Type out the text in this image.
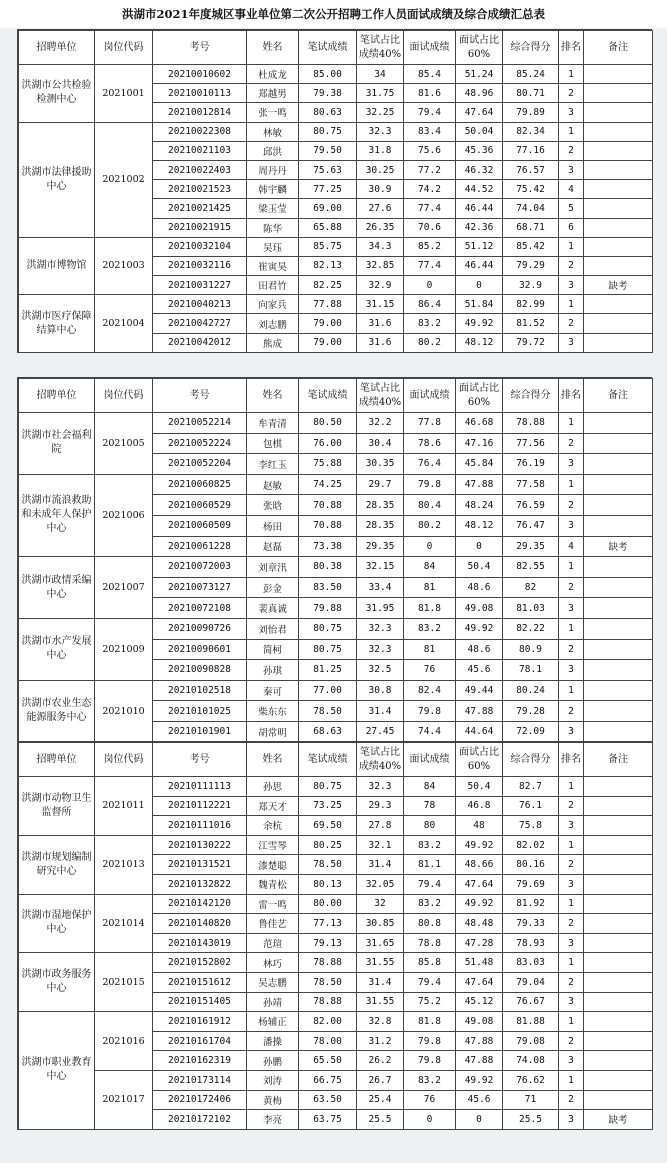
洪湖市2021年度城区事业单位第二次公开招聘工作人员面试成绩及综合成绩汇总表
招聘单位	岗位代码	考号	姓名	笔试成绩	笔试占比成绩40%	面试成绩	面试占比60%	综合得分	排名	备注
洪湖市公共检验检测中心	2021001	20210010602	杜成龙	85.00	34	85.4	51.24	85.24	1	
		20210010113	郑越男	79.38	31.75	81.6	48.96	80.71	2	
		20210012814	张一鸣	80.63	32.25	79.4	47.64	79.89	3	
洪湖市法律援助中心	2021002	20210022308	林敏	80.75	32.3	83.4	50.04	82.34	1	
		20210021103	邱洪	79.50	31.8	75.6	45.36	77.16	2	
		20210022403	周丹丹	75.63	30.25	77.2	46.32	76.57	3	
		20210021523	韩宇麟	77.25	30.9	74.2	44.52	75.42	4	
		20210021425	梁玉莹	69.00	27.6	77.4	46.44	74.04	5	
		20210021915	陈华	65.88	26.35	70.6	42.36	68.71	6	
洪湖市博物馆	2021003	20210032104	吴珏	85.75	34.3	85.2	51.12	85.42	1	
		20210032116	崔寅昊	82.13	32.85	77.4	46.44	79.29	2	
		20210031227	田君竹	82.25	32.9	0	0	32.9	3	缺考
洪湖市医疗保障结算中心	2021004	20210040213	向家兵	77.88	31.15	86.4	51.84	82.99	1	
		20210042727	刘志鹏	79.00	31.6	83.2	49.92	81.52	2	
		20210042012	熊成	79.00	31.6	80.2	48.12	79.72	3	
招聘单位	岗位代码	考号	姓名	笔试成绩	笔试占比成绩40%	面试成绩	面试占比60%	综合得分	排名	备注
洪湖市社会福利院	2021005	20210052214	牟青清	80.50	32.2	77.8	46.68	78.88	1	
		20210052224	包棋	76.00	30.4	78.6	47.16	77.56	2	
		20210052204	李红玉	75.88	30.35	76.4	45.84	76.19	3	
洪湖市流浪救助和未成年人保护中心	2021006	20210060825	赵敏	74.25	29.7	79.8	47.88	77.58	1	
		20210060529	张晗	70.88	28.35	80.4	48.24	76.59	2	
		20210060509	杨田	70.88	28.35	80.2	48.12	76.47	3	
		20210061228	赵磊	73.38	29.35	0	0	29.35	4	缺考
洪湖市政情采编中心	2021007	20210072003	刘章汛	80.38	32.15	84	50.4	82.55	1	
		20210073127	彭金	83.50	33.4	81	48.6	82	2	
		20210072108	裴真诚	79.88	31.95	81.8	49.08	81.03	3	
洪湖市水产发展中心	2021009	20210090726	刘怡君	80.75	32.3	83.2	49.92	82.22	1	
		20210090601	简柯	80.75	32.3	81	48.6	80.9	2	
		20210090828	孙琪	81.25	32.5	76	45.6	78.1	3	
洪湖市农业生态能源服务中心	2021010	20210102518	秦可	77.00	30.8	82.4	49.44	80.24	1	
		20210101025	柴东东	78.50	31.4	79.8	47.88	79.28	2	
		20210101901	胡常明	68.63	27.45	74.4	44.64	72.09	3	
招聘单位	岗位代码	考号	姓名	笔试成绩	笔试占比成绩40%	面试成绩	面试占比60%	综合得分	排名	备注
洪湖市动物卫生监督所	2021011	20210111113	孙思	80.75	32.3	84	50.4	82.7	1	
		20210112221	郑天才	73.25	29.3	78	46.8	76.1	2	
		20210111016	余杭	69.50	27.8	80	48	75.8	3	
洪湖市规划编制研究中心	2021013	20210130222	江雪琴	80.25	32.1	83.2	49.92	82.02	1	
		20210131521	漆楚聪	78.50	31.4	81.1	48.66	80.16	2	
		20210132822	魏青松	80.13	32.05	79.4	47.64	79.69	3	
洪湖市湿地保护中心	2021014	20210142120	雷一鸣	80.00	32	83.2	49.92	81.92	1	
		20210140820	鲁佳艺	77.13	30.85	80.8	48.48	79.33	2	
		20210143019	范瑄	79.13	31.65	78.8	47.28	78.93	3	
洪湖市政务服务中心	2021015	20210152802	林巧	78.88	31.55	85.8	51.48	83.03	1	
		20210151612	吴志鹏	78.50	31.4	79.4	47.64	79.04	2	
		20210151405	孙靖	78.88	31.55	75.2	45.12	76.67	3	
洪湖市职业教育中心	2021016	20210161912	杨辅正	82.00	32.8	81.8	49.08	81.88	1	
		20210161704	潘操	78.00	31.2	79.8	47.88	79.08	2	
		20210162319	孙鹏	65.50	26.2	79.8	47.88	74.08	3	
	2021017	20210173114	刘涛	66.75	26.7	83.2	49.92	76.62	1	
		20210172406	黄梅	63.50	25.4	76	45.6	71	2	
		20210172102	李亮	63.75	25.5	0	0	25.5	3	缺考
